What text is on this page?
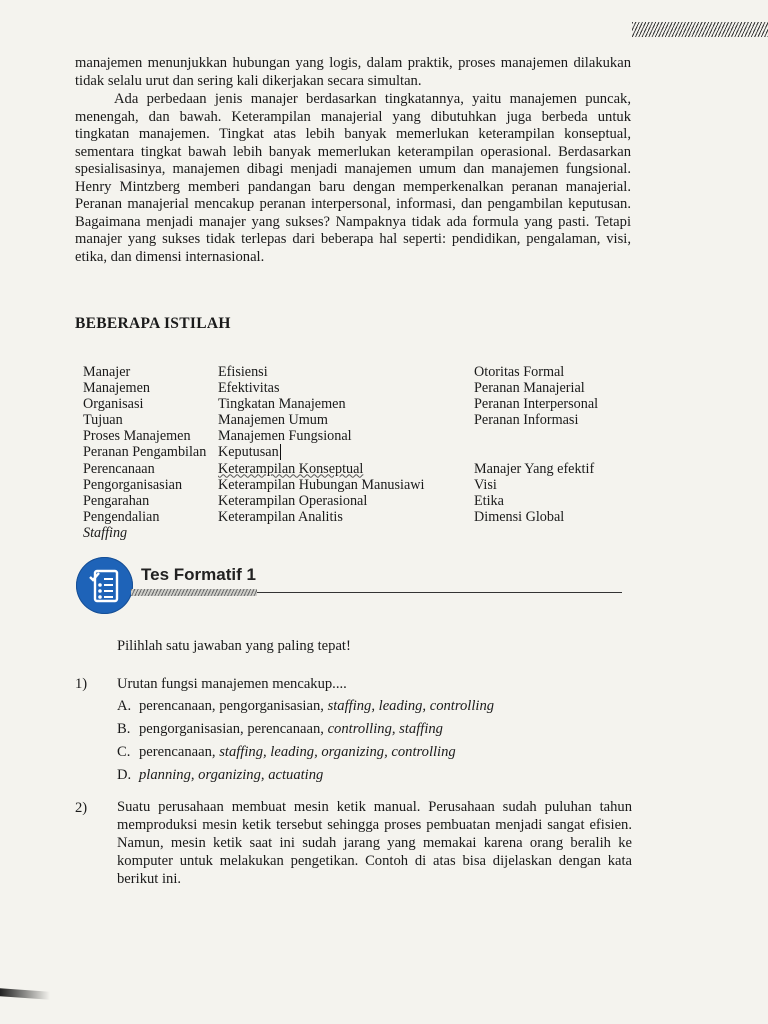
manajemen menunjukkan hubungan yang logis, dalam praktik, proses manajemen dilakukan tidak selalu urut dan sering kali dikerjakan secara simultan.

Ada perbedaan jenis manajer berdasarkan tingkatannya, yaitu manajemen puncak, menengah, dan bawah. Keterampilan manajerial yang dibutuhkan juga berbeda untuk tingkatan manajemen. Tingkat atas lebih banyak memerlukan keterampilan konseptual, sementara tingkat bawah lebih banyak memerlukan keterampilan operasional. Berdasarkan spesialisasinya, manajemen dibagi menjadi manajemen umum dan manajemen fungsional. Henry Mintzberg memberi pandangan baru dengan memperkenalkan peranan manajerial. Peranan manajerial mencakup peranan interpersonal, informasi, dan pengambilan keputusan. Bagaimana menjadi manajer yang sukses? Nampaknya tidak ada formula yang pasti. Tetapi manajer yang sukses tidak terlepas dari beberapa hal seperti: pendidikan, pengalaman, visi, etika, dan dimensi internasional.

BEBERAPA ISTILAH
Manajer
Manajemen
Organisasi
Tujuan
Proses Manajemen
Peranan Pengambilan
Perencanaan
Pengorganisasian
Pengarahan
Pengendalian
Staffing
Efisiensi
Efektivitas
Tingkatan Manajemen
Manajemen Umum
Manajemen Fungsional
Keputusan
Keterampilan Konseptual
Keterampilan Hubungan Manusiawi
Keterampilan Operasional
Keterampilan Analitis
Otoritas Formal
Peranan Manajerial
Peranan Interpersonal
Peranan Informasi
Manajer Yang efektif
Visi
Etika
Dimensi Global
Tes Formatif 1

Pilihlah satu jawaban yang paling tepat!

1) Urutan fungsi manajemen mencakup....

A. perencanaan, pengorganisasian, staffing, leading, controlling
B. pengorganisasian, perencanaan, controlling, staffing
C. perencanaan, staffing, leading, organizing, controlling
D. planning, organizing, actuating
2) Suatu perusahaan membuat mesin ketik manual. Perusahaan sudah puluhan tahun memproduksi mesin ketik tersebut sehingga proses pembuatan menjadi sangat efisien. Namun, mesin ketik saat ini sudah jarang yang memakai karena orang beralih ke komputer untuk melakukan pengetikan. Contoh di atas bisa dijelaskan dengan kata berikut ini.
